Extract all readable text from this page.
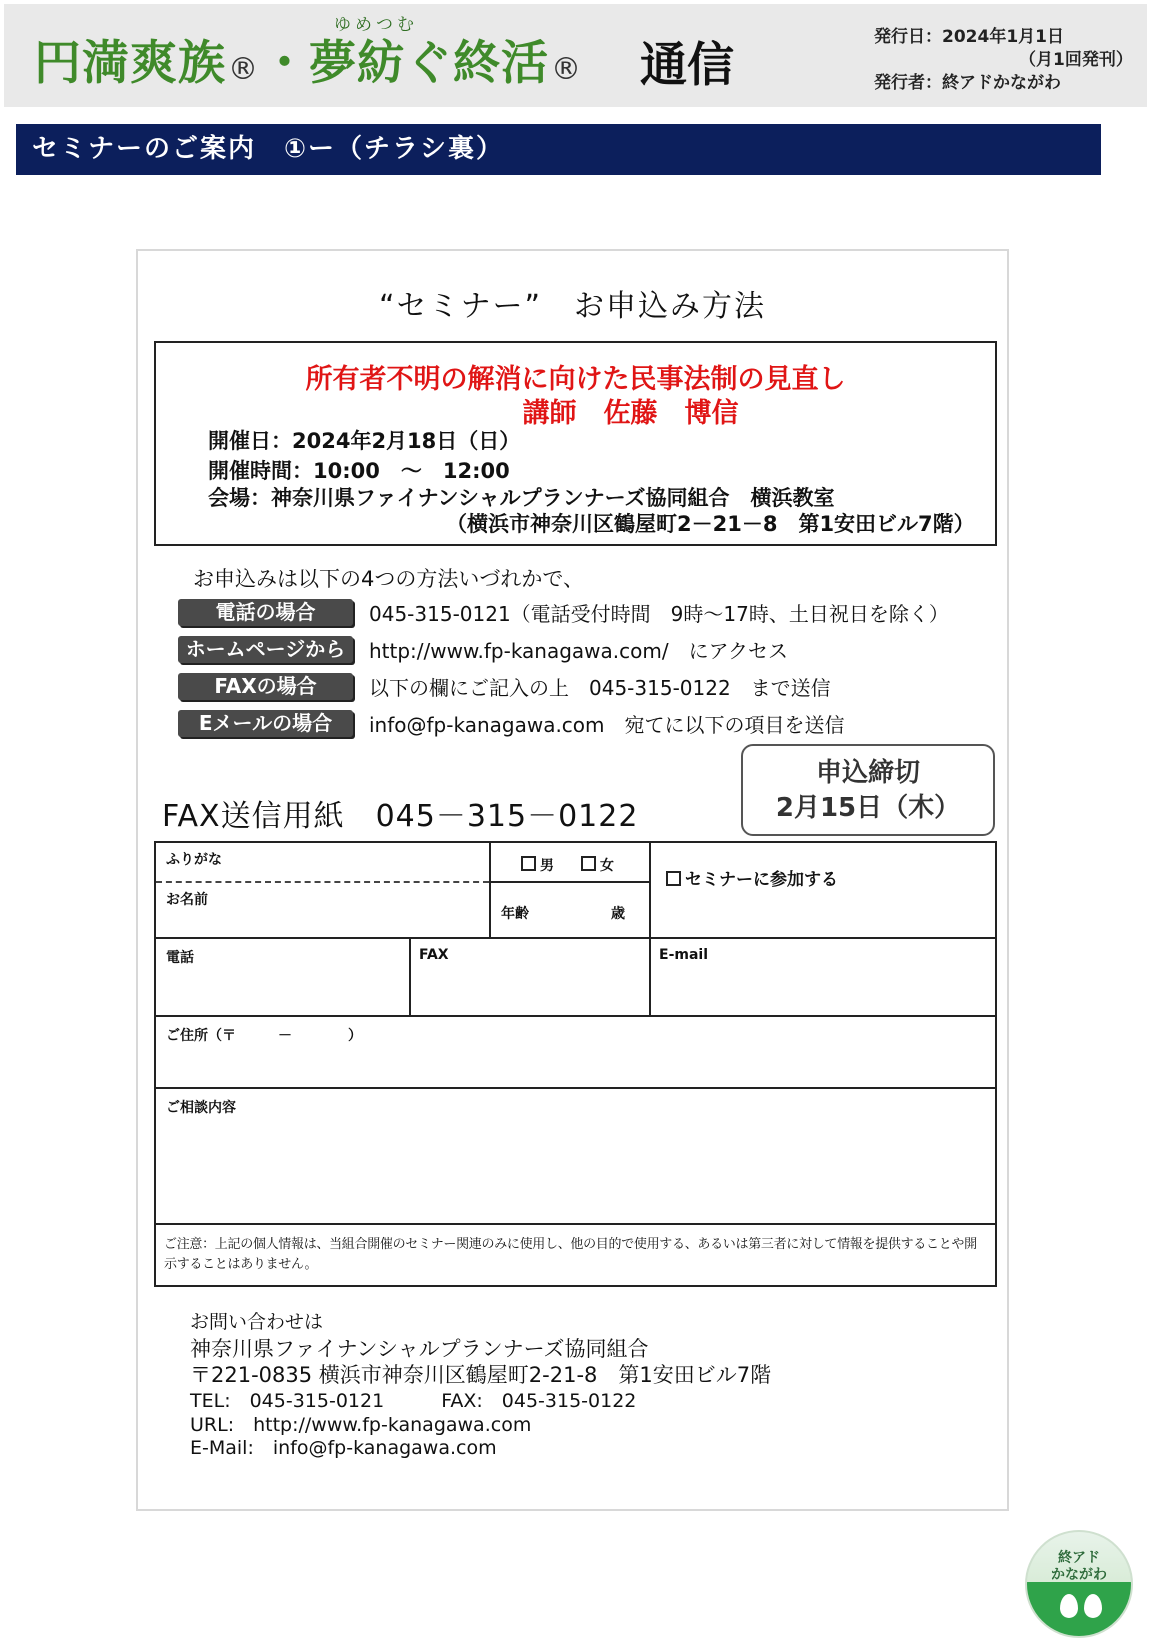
ゆめつむ
円満爽族®・夢紡ぐ終活® 通信
発行日：2024年1月1日
（月1回発刊）
発行者：終アドかながわ
セミナーのご案内　①ー（チラシ裏）
“セミナー”　お申込み方法
所有者不明の解消に向けた民事法制の見直し
講師　佐藤　博信
開催日：2024年2月18日（日）
開催時間：10:00　～　12:00
会場：神奈川県ファイナンシャルプランナーズ協同組合　横浜教室
（横浜市神奈川区鶴屋町2－21－8　第1安田ビル7階）
お申込みは以下の4つの方法いづれかで、
電話の場合	045-315-0121（電話受付時間　9時～17時、土日祝日を除く）
ホームページから	http://www.fp-kanagawa.com/　にアクセス
FAXの場合	以下の欄にご記入の上　045-315-0122　まで送信
Eメールの場合	info@fp-kanagawa.com　宛てに以下の項目を送信
申込締切
2月15日（木）
FAX送信用紙　045－315－0122
ふりがな
お名前
男	女
年齢	歳
セミナーに参加する
電話	FAX	E-mail
ご住所（〒　　　－　　　　）
ご相談内容
ご注意：上記の個人情報は、当組合開催のセミナー関連のみに使用し、他の目的で使用する、あるいは第三者に対して情報を提供することや開示することはありません。
お問い合わせは
神奈川県ファイナンシャルプランナーズ協同組合
〒221-0835 横浜市神奈川区鶴屋町2-21-8　第1安田ビル7階
TEL:　045-315-0121　　　FAX:　045-315-0122
URL:　http://www.fp-kanagawa.com
E-Mail:　info@fp-kanagawa.com
終アド
かながわ
